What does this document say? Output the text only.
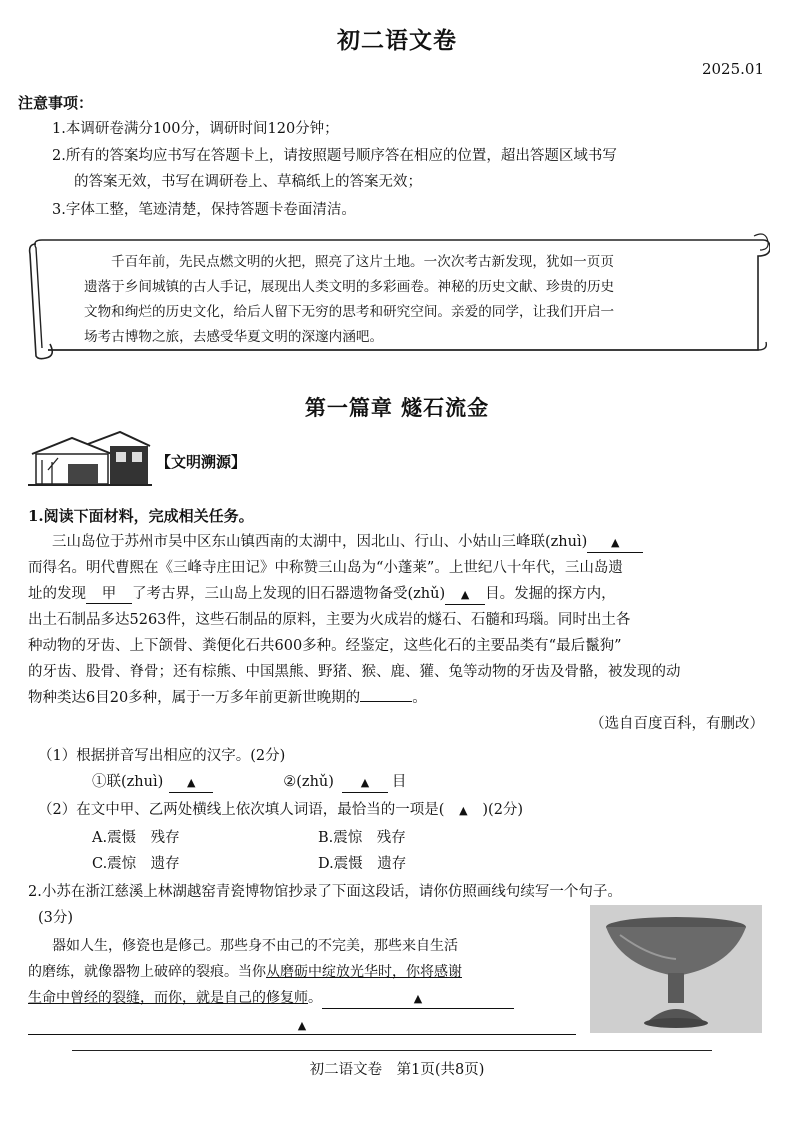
初二语文卷
2025.01
注意事项：
1.本调研卷满分100分，调研时间120分钟；
2.所有的答案均应书写在答题卡上，请按照题号顺序答在相应的位置，超出答题区域书写
的答案无效，书写在调研卷上、草稿纸上的答案无效；
3.字体工整，笔迹清楚，保持答题卡卷面清洁。
千百年前，先民点燃文明的火把，照亮了这片土地。一次次考古新发现，犹如一页页
遗落于乡间城镇的古人手记，展现出人类文明的多彩画卷。神秘的历史文献、珍贵的历史
文物和绚烂的历史文化，给后人留下无穷的思考和研究空间。亲爱的同学，让我们开启一
场考古博物之旅，去感受华夏文明的深邃内涵吧。
第一篇章 燧石流金
【文明溯源】
1.阅读下面材料，完成相关任务。
三山岛位于苏州市吴中区东山镇西南的太湖中，因北山、行山、小姑山三峰联(zhuì) ▲
而得名。明代曹熙在《三峰寺庄田记》中称赞三山岛为“小蓬莱”。上世纪八十年代，三山岛遗
址的发现 甲 了考古界，三山岛上发现的旧石器遗物备受(zhǔ) ▲ 目。发掘的探方内，
出土石制品多达5263件，这些石制品的原料，主要为火成岩的燧石、石髓和玛瑙。同时出土各
种动物的牙齿、上下颌骨、粪便化石共600多种。经鉴定，这些化石的主要品类有“最后鬣狗”
的牙齿、股骨、脊骨；还有棕熊、中国黑熊、野猪、猴、鹿、獾、兔等动物的牙齿及骨骼，被发现的动
物种类达6目20多种，属于一万多年前更新世晚期的	。
（选自百度百科，有删改）
（1）根据拼音写出相应的汉字。(2分)
①联(zhuì) ▲	②(zhǔ) ▲ 目
（2）在文中甲、乙两处横线上依次填人词语，最恰当的一项是( ▲ )(2分)
A.震慑　残存	B.震惊　残存
C.震惊　遗存	D.震慑　遗存
2.小苏在浙江慈溪上林湖越窑青瓷博物馆抄录了下面这段话，请你仿照画线句续写一个句子。
(3分)
器如人生，修瓷也是修己。那些身不由己的不完美，那些来自生活
的磨练，就像器物上破碎的裂痕。当你从磨砺中绽放光华时，你将感谢
生命中曾经的裂缝，而你，就是自己的修复师。	▲
▲
初二语文卷　第1页(共8页)
